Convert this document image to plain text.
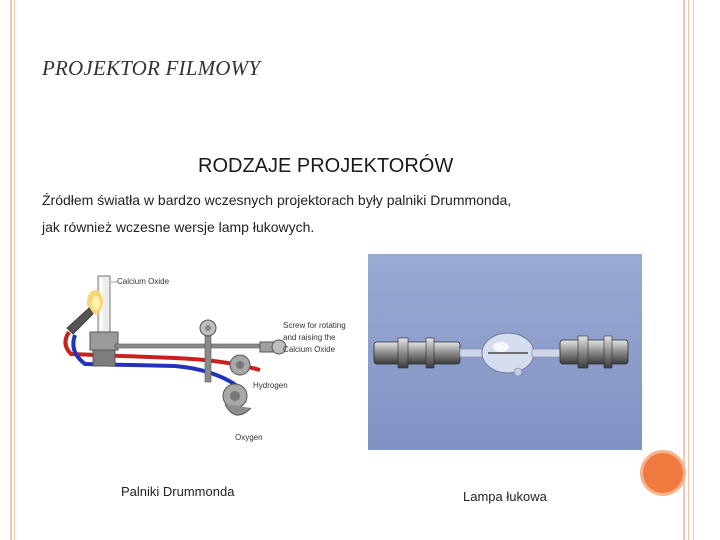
PROJEKTOR FILMOWY
RODZAJE PROJEKTORÓW
Źródłem światła w bardzo wczesnych projektorach były palniki Drummonda,
jak również wczesne wersje lamp łukowych.
Calcium Oxide
Screw for rotating
and raising the
Calcium Oxide
Hydrogen
Oxygen
Palniki Drummonda	Lampa łukowa
